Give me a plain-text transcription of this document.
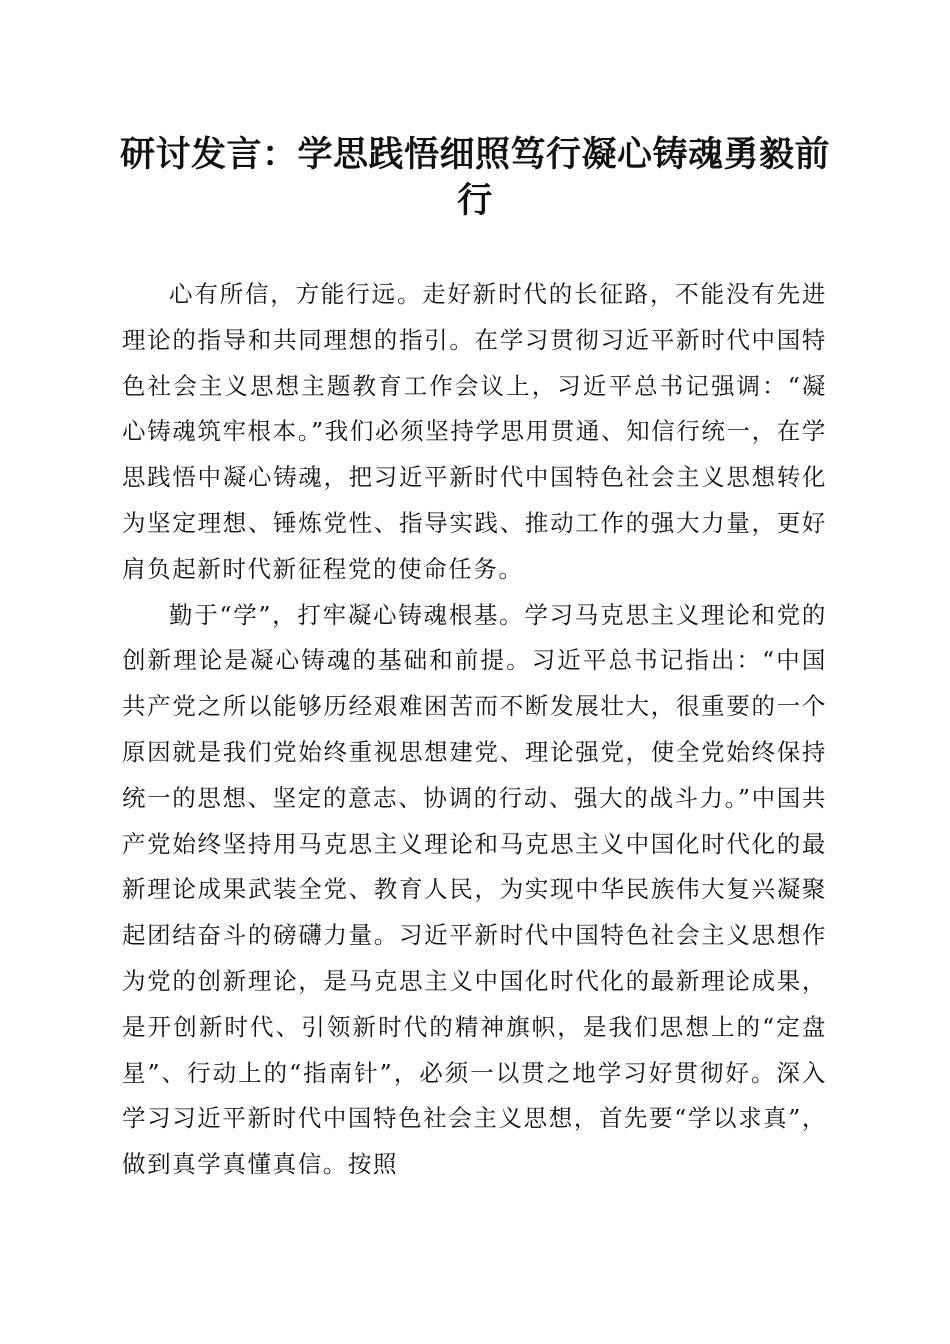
研讨发言：学思践悟细照笃行凝心铸魂勇毅前行

心有所信，方能行远。走好新时代的长征路，不能没有先进理论的指导和共同理想的指引。在学习贯彻习近平新时代中国特色社会主义思想主题教育工作会议上，习近平总书记强调：“凝心铸魂筑牢根本。”我们必须坚持学思用贯通、知信行统一，在学思践悟中凝心铸魂，把习近平新时代中国特色社会主义思想转化为坚定理想、锤炼党性、指导实践、推动工作的强大力量，更好肩负起新时代新征程党的使命任务。

勤于“学”，打牢凝心铸魂根基。学习马克思主义理论和党的创新理论是凝心铸魂的基础和前提。习近平总书记指出：“中国共产党之所以能够历经艰难困苦而不断发展壮大，很重要的一个原因就是我们党始终重视思想建党、理论强党，使全党始终保持统一的思想、坚定的意志、协调的行动、强大的战斗力。”中国共产党始终坚持用马克思主义理论和马克思主义中国化时代化的最新理论成果武装全党、教育人民，为实现中华民族伟大复兴凝聚起团结奋斗的磅礴力量。习近平新时代中国特色社会主义思想作为党的创新理论，是马克思主义中国化时代化的最新理论成果，是开创新时代、引领新时代的精神旗帜，是我们思想上的“定盘星”、行动上的“指南针”，必须一以贯之地学习好贯彻好。深入学习习近平新时代中国特色社会主义思想，首先要“学以求真”，做到真学真懂真信。按照
